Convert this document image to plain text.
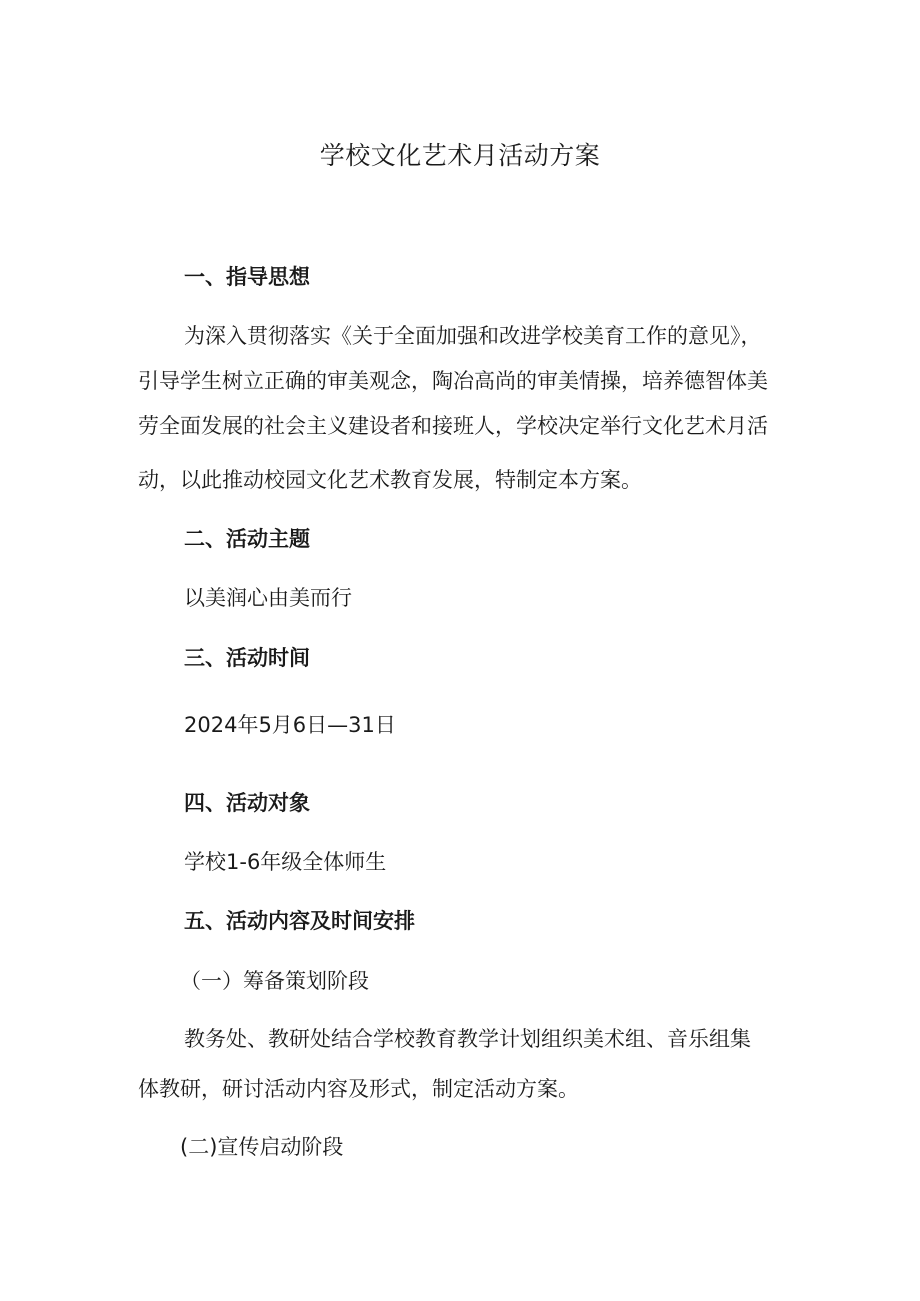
学校文化艺术月活动方案
一、指导思想
为深入贯彻落实《关于全面加强和改进学校美育工作的意见》，
引导学生树立正确的审美观念，陶冶高尚的审美情操，培养德智体美
劳全面发展的社会主义建设者和接班人，学校决定举行文化艺术月活
动，以此推动校园文化艺术教育发展，特制定本方案。
二、活动主题
以美润心由美而行
三、活动时间
2024年5月6日—31日
四、活动对象
学校1-6年级全体师生
五、活动内容及时间安排
（一）筹备策划阶段
教务处、教研处结合学校教育教学计划组织美术组、音乐组集
体教研，研讨活动内容及形式，制定活动方案。
(二)宣传启动阶段
